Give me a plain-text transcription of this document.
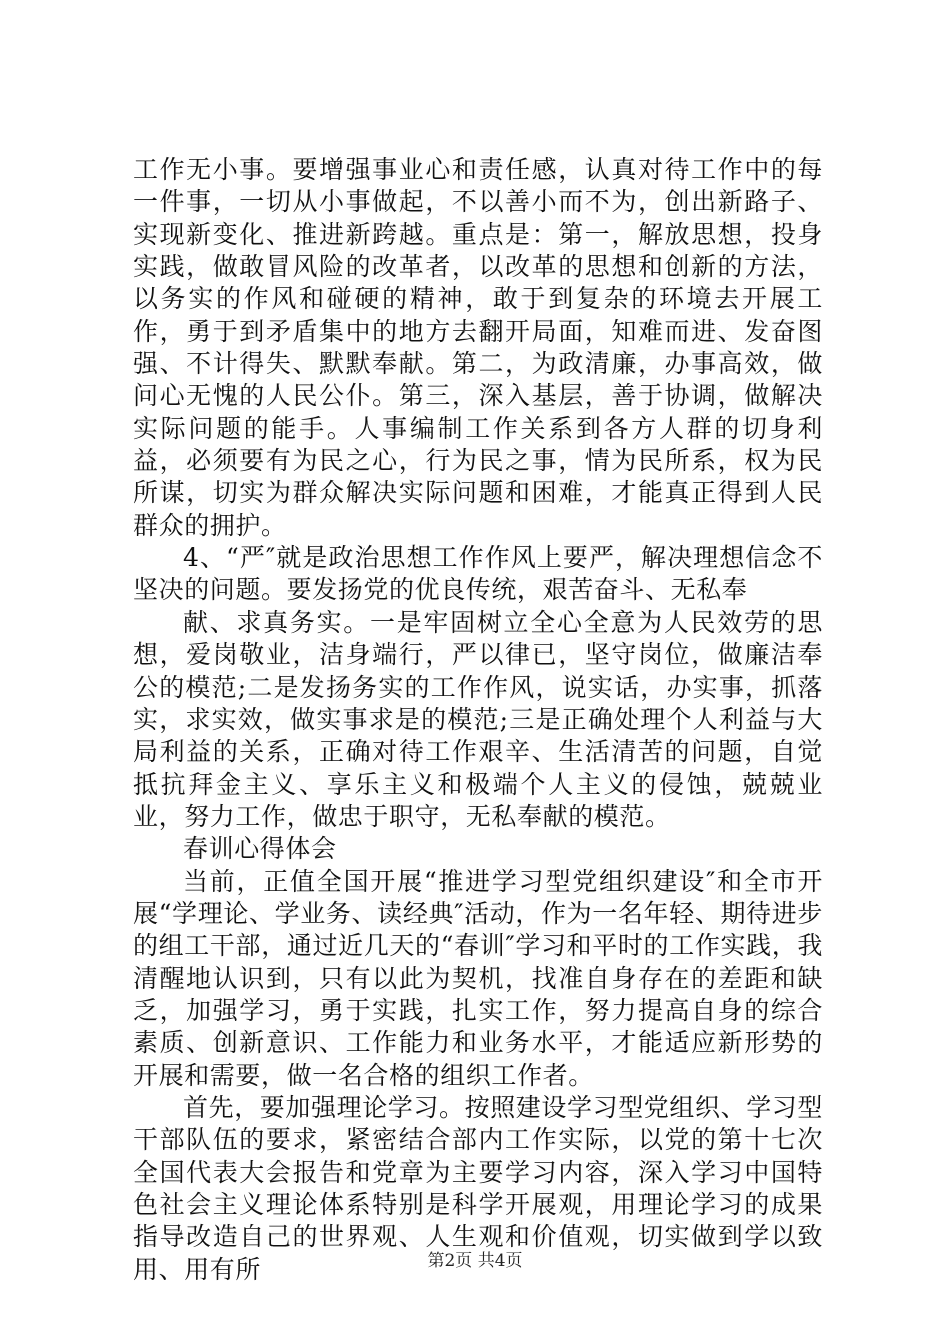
工作无小事。要增强事业心和责任感，认真对待工作中的每一件事，一切从小事做起，不以善小而不为，创出新路子、实现新变化、推进新跨越。重点是：第一，解放思想，投身实践，做敢冒风险的改革者，以改革的思想和创新的方法，以务实的作风和碰硬的精神，敢于到复杂的环境去开展工作，勇于到矛盾集中的地方去翻开局面，知难而进、发奋图强、不计得失、默默奉献。第二，为政清廉，办事高效，做问心无愧的人民公仆。第三，深入基层，善于协调，做解决实际问题的能手。人事编制工作关系到各方人群的切身利益，必须要有为民之心，行为民之事，情为民所系，权为民所谋，切实为群众解决实际问题和困难，才能真正得到人民群众的拥护。

4、“严″就是政治思想工作作风上要严，解决理想信念不坚决的问题。要发扬党的优良传统，艰苦奋斗、无私奉

献、求真务实。一是牢固树立全心全意为人民效劳的思想，爱岗敬业，洁身端行，严以律已，坚守岗位，做廉洁奉公的模范;二是发扬务实的工作作风，说实话，办实事，抓落实，求实效，做实事求是的模范;三是正确处理个人利益与大局利益的关系，正确对待工作艰辛、生活清苦的问题，自觉抵抗拜金主义、享乐主义和极端个人主义的侵蚀，兢兢业业，努力工作，做忠于职守，无私奉献的模范。

春训心得体会

当前，正值全国开展“推进学习型党组织建设″和全市开展“学理论、学业务、读经典″活动，作为一名年轻、期待进步的组工干部，通过近几天的“春训″学习和平时的工作实践，我清醒地认识到，只有以此为契机，找准自身存在的差距和缺乏，加强学习，勇于实践，扎实工作，努力提高自身的综合素质、创新意识、工作能力和业务水平，才能适应新形势的开展和需要，做一名合格的组织工作者。

首先，要加强理论学习。按照建设学习型党组织、学习型干部队伍的要求，紧密结合部内工作实际，以党的第十七次全国代表大会报告和党章为主要学习内容，深入学习中国特色社会主义理论体系特别是科学开展观，用理论学习的成果指导改造自己的世界观、人生观和价值观，切实做到学以致用、用有所	第2页 共4页
